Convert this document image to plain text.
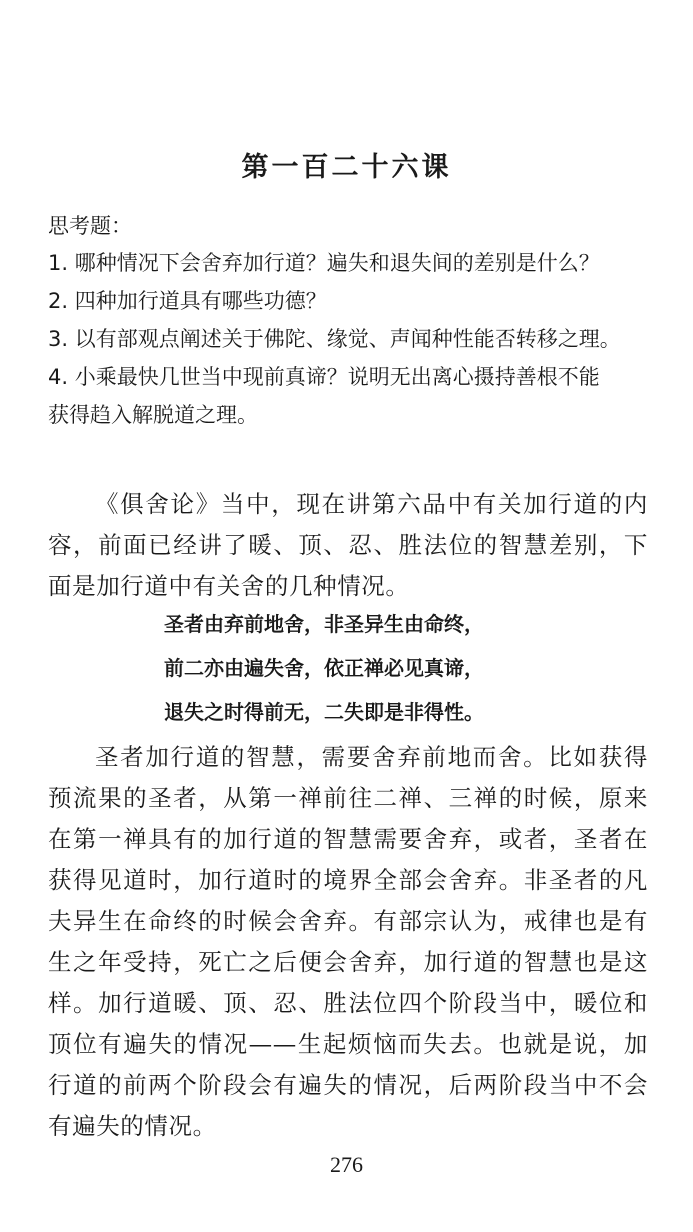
第一百二十六课
思考题：
1. 哪种情况下会舍弃加行道？遍失和退失间的差别是什么？
2. 四种加行道具有哪些功德？
3. 以有部观点阐述关于佛陀、缘觉、声闻种性能否转移之理。
4. 小乘最快几世当中现前真谛？说明无出离心摄持善根不能
获得趋入解脱道之理。

《俱舍论》当中，现在讲第六品中有关加行道的内容，前面已经讲了暖、顶、忍、胜法位的智慧差别，下面是加行道中有关舍的几种情况。

圣者由弃前地舍，非圣异生由命终，
前二亦由遍失舍，依正禅必见真谛，
退失之时得前无，二失即是非得性。

圣者加行道的智慧，需要舍弃前地而舍。比如获得预流果的圣者，从第一禅前往二禅、三禅的时候，原来在第一禅具有的加行道的智慧需要舍弃，或者，圣者在获得见道时，加行道时的境界全部会舍弃。非圣者的凡夫异生在命终的时候会舍弃。有部宗认为，戒律也是有生之年受持，死亡之后便会舍弃，加行道的智慧也是这样。加行道暖、顶、忍、胜法位四个阶段当中，暖位和顶位有遍失的情况——生起烦恼而失去。也就是说，加行道的前两个阶段会有遍失的情况，后两阶段当中不会有遍失的情况。

276
